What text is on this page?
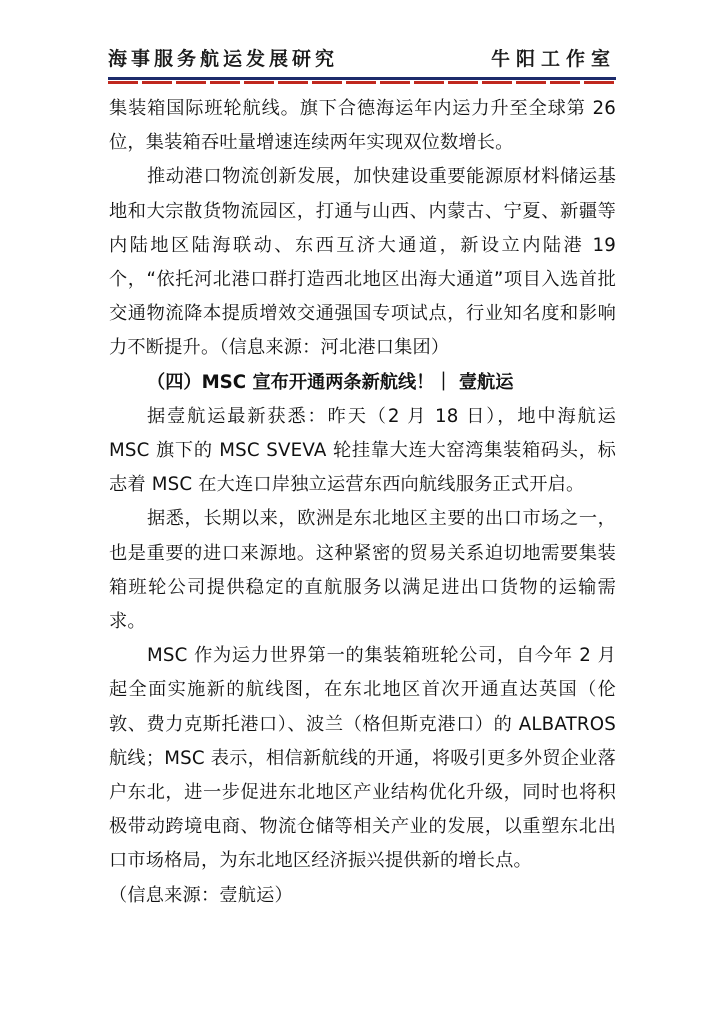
海事服务航运发展研究	牛阳工作室

集装箱国际班轮航线。旗下合德海运年内运力升至全球第 26 位，集装箱吞吐量增速连续两年实现双位数增长。

推动港口物流创新发展，加快建设重要能源原材料储运基地和大宗散货物流园区，打通与山西、内蒙古、宁夏、新疆等内陆地区陆海联动、东西互济大通道，新设立内陆港 19 个，“依托河北港口群打造西北地区出海大通道”项目入选首批交通物流降本提质增效交通强国专项试点，行业知名度和影响力不断提升。（信息来源：河北港口集团）

（四）MSC 宣布开通两条新航线！｜ 壹航运

据壹航运最新获悉：昨天（2 月 18 日），地中海航运 MSC 旗下的 MSC SVEVA 轮挂靠大连大窑湾集装箱码头，标志着 MSC 在大连口岸独立运营东西向航线服务正式开启。

据悉，长期以来，欧洲是东北地区主要的出口市场之一，也是重要的进口来源地。这种紧密的贸易关系迫切地需要集装箱班轮公司提供稳定的直航服务以满足进出口货物的运输需求。

MSC 作为运力世界第一的集装箱班轮公司，自今年 2 月起全面实施新的航线图，在东北地区首次开通直达英国（伦敦、费力克斯托港口）、波兰（格但斯克港口）的 ALBATROS 航线；MSC 表示，相信新航线的开通，将吸引更多外贸企业落户东北，进一步促进东北地区产业结构优化升级，同时也将积极带动跨境电商、物流仓储等相关产业的发展，以重塑东北出口市场格局，为东北地区经济振兴提供新的增长点。

（信息来源：壹航运）
